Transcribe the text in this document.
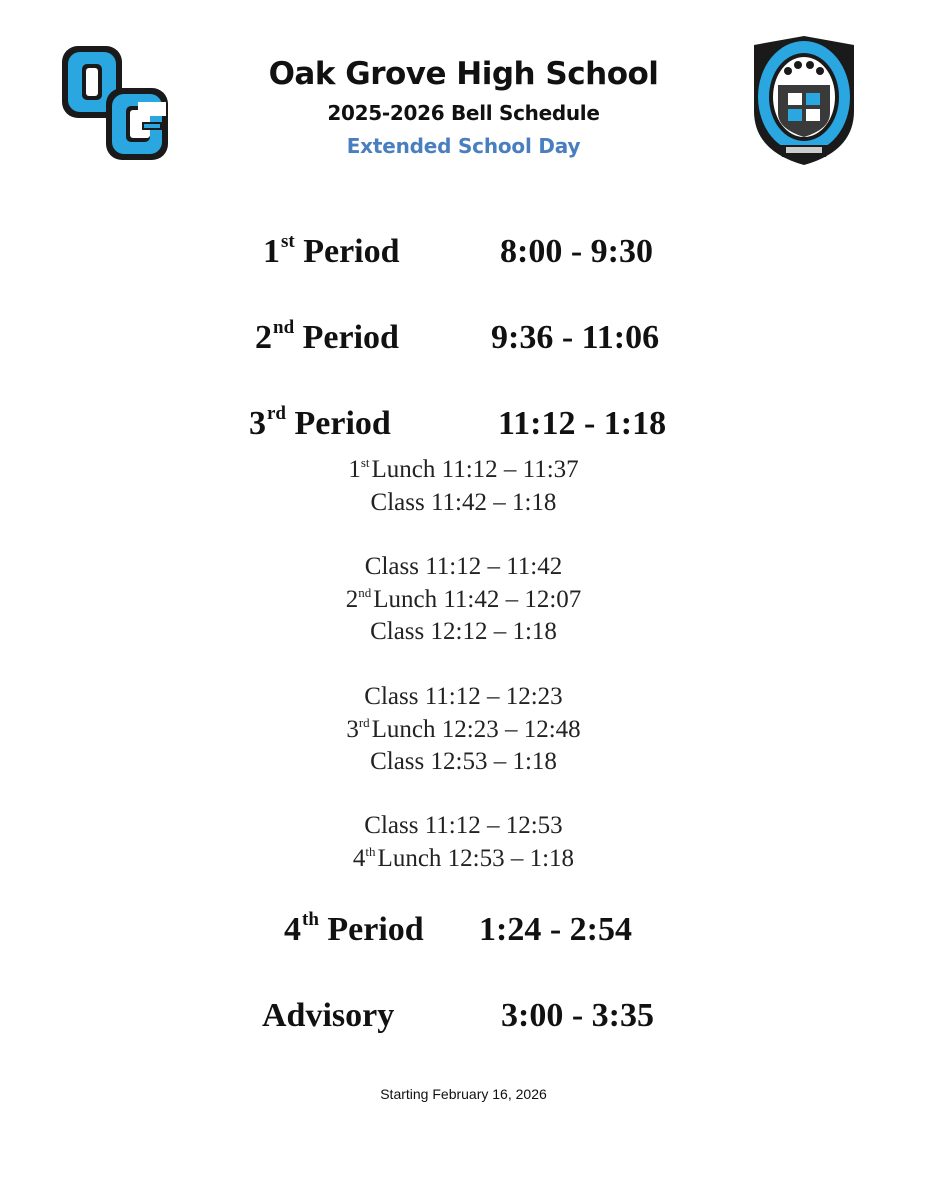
Oak Grove High School
2025-2026 Bell Schedule
Extended School Day
1st Period	8:00 - 9:30
2nd Period	9:36 - 11:06
3rd Period	11:12 - 1:18
1stLunch 11:12 – 11:37
Class 11:42 – 1:18
Class 11:12 – 11:42
2ndLunch 11:42 – 12:07
Class 12:12 – 1:18
Class 11:12 – 12:23
3rdLunch 12:23 – 12:48
Class 12:53 – 1:18
Class 11:12 – 12:53
4thLunch 12:53 – 1:18
4th Period 1:24 - 2:54
Advisory	3:00 - 3:35
Starting February 16, 2026
